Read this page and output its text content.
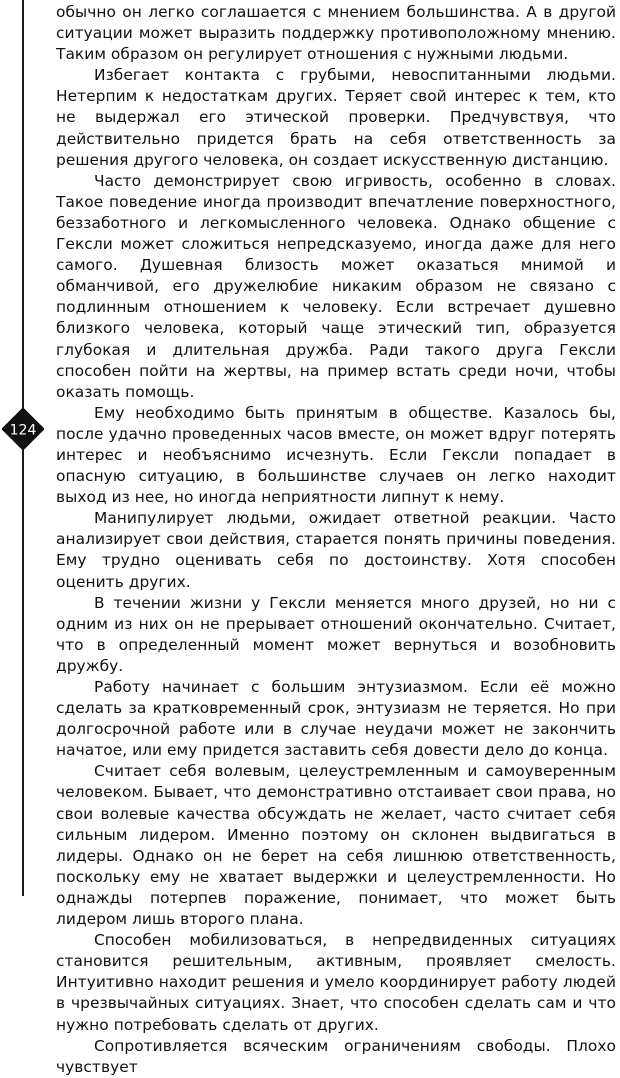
124

обычно он легко соглашается с мнением большинства. А в другой ситуации может выразить поддержку противоположному мнению. Таким образом он регулирует отношения с нужными людьми.

Избегает контакта с грубыми, невоспитанными людьми. Нетерпим к недостаткам других. Теряет свой интерес к тем, кто не выдержал его этической проверки. Предчувствуя, что действительно придется брать на себя ответственность за решения другого человека, он создает искусственную дистанцию.

Часто демонстрирует свою игривость, особенно в словах. Такое поведение иногда производит впечатление поверхностного, беззаботного и легкомысленного человека. Однако общение с Гексли может сложиться непредсказуемо, иногда даже для него самого. Душевная близость может оказаться мнимой и обманчивой, его дружелюбие никаким образом не связано с подлинным отношением к человеку. Если встречает душевно близкого человека, который чаще этический тип, образуется глубокая и длительная дружба. Ради такого друга Гексли способен пойти на жертвы, на пример встать среди ночи, чтобы оказать помощь.

Ему необходимо быть принятым в обществе. Казалось бы, после удачно проведенных часов вместе, он может вдруг потерять интерес и необъяснимо исчезнуть. Если Гексли попадает в опасную ситуацию, в большинстве случаев он легко находит выход из нее, но иногда неприятности липнут к нему.

Манипулирует людьми, ожидает ответной реакции. Часто анализирует свои действия, старается понять причины поведения. Ему трудно оценивать себя по достоинству. Хотя способен оценить других.

В течении жизни у Гексли меняется много друзей, но ни с одним из них он не прерывает отношений окончательно. Считает, что в определенный момент может вернуться и возобновить дружбу.

Работу начинает с большим энтузиазмом. Если её можно сделать за кратковременный срок, энтузиазм не теряется. Но при долгосрочной работе или в случае неудачи может не закончить начатое, или ему придется заставить себя довести дело до конца.

Считает себя волевым, целеустремленным и самоуверенным человеком. Бывает, что демонстративно отстаивает свои права, но свои волевые качества обсуждать не желает, часто считает себя сильным лидером. Именно поэтому он склонен выдвигаться в лидеры. Однако он не берет на себя лишнюю ответственность, поскольку ему не хватает выдержки и целеустремленности. Но однажды потерпев поражение, понимает, что может быть лидером лишь второго плана.

Способен мобилизоваться, в непредвиденных ситуациях становится решительным, активным, проявляет смелость. Интуитивно находит решения и умело координирует работу людей в чрезвычайных ситуациях. Знает, что способен сделать сам и что нужно потребовать сделать от других.

Сопротивляется всяческим ограничениям свободы. Плохо чувствует
